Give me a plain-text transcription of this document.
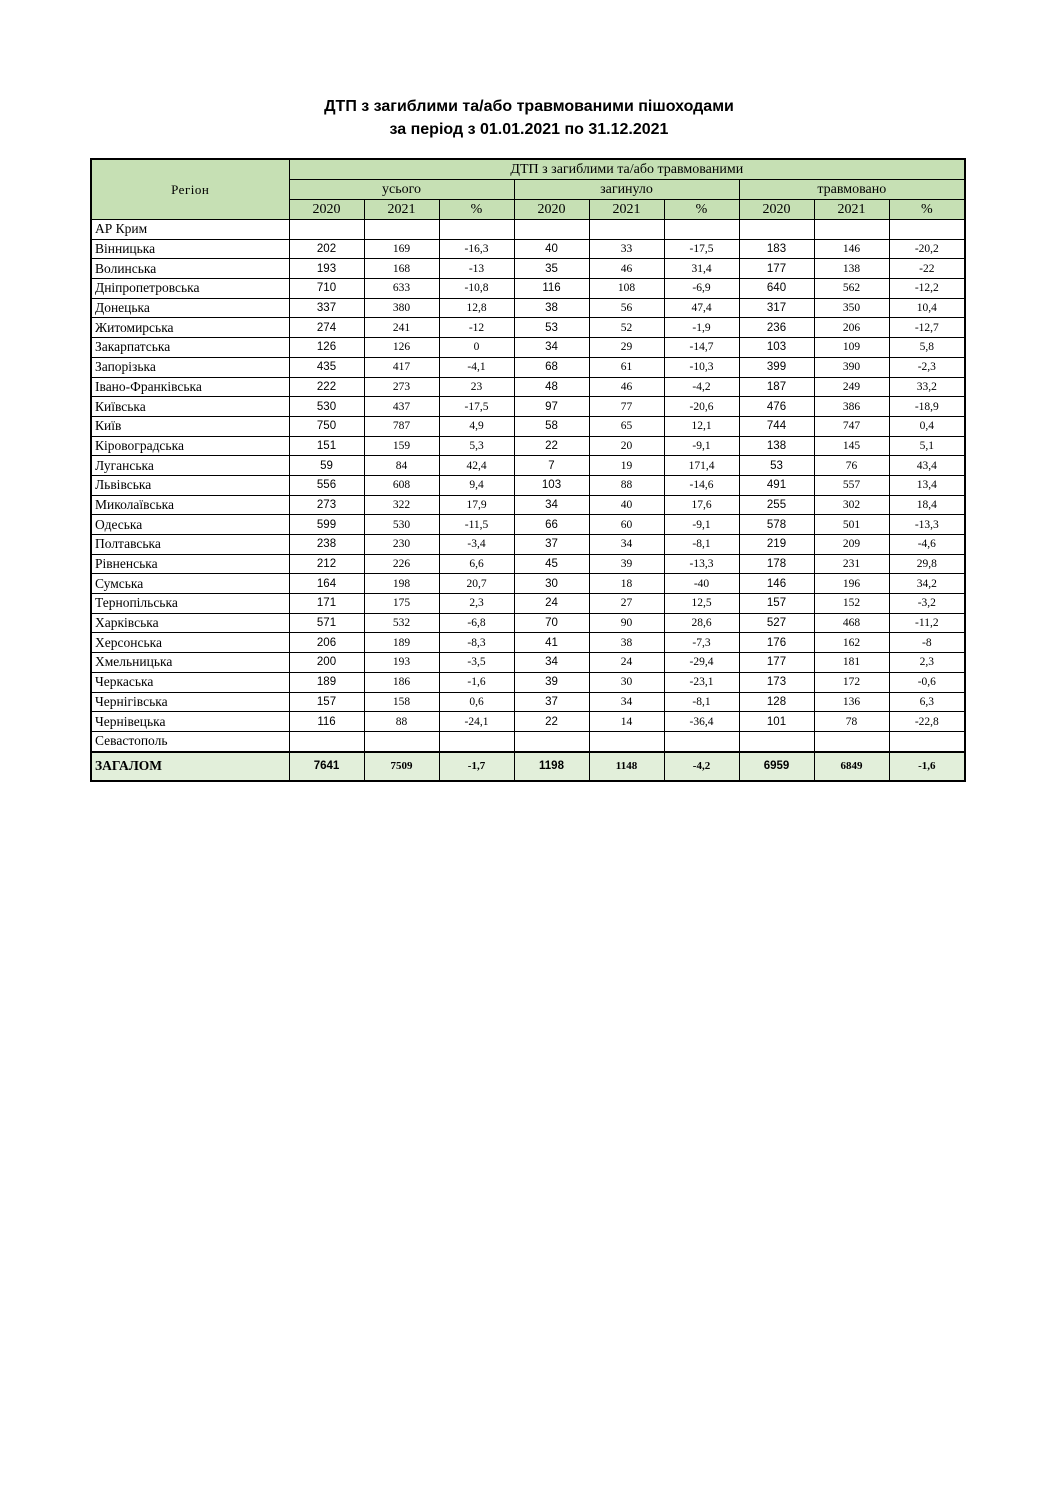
ДТП з загиблими та/або травмованими пішоходами
за період з 01.01.2021 по 31.12.2021
Регіон	ДТП з загиблими та/або травмованими								
	усього			загинуло			травмовано		
	2020	2021	%	2020	2021	%	2020	2021	%
АР Крим									
Вінницька	202	169	-16,3	40	33	-17,5	183	146	-20,2
Волинська	193	168	-13	35	46	31,4	177	138	-22
Дніпропетровська	710	633	-10,8	116	108	-6,9	640	562	-12,2
Донецька	337	380	12,8	38	56	47,4	317	350	10,4
Житомирська	274	241	-12	53	52	-1,9	236	206	-12,7
Закарпатська	126	126	0	34	29	-14,7	103	109	5,8
Запорізька	435	417	-4,1	68	61	-10,3	399	390	-2,3
Івано-Франківська	222	273	23	48	46	-4,2	187	249	33,2
Київська	530	437	-17,5	97	77	-20,6	476	386	-18,9
Київ	750	787	4,9	58	65	12,1	744	747	0,4
Кіровоградська	151	159	5,3	22	20	-9,1	138	145	5,1
Луганська	59	84	42,4	7	19	171,4	53	76	43,4
Львівська	556	608	9,4	103	88	-14,6	491	557	13,4
Миколаївська	273	322	17,9	34	40	17,6	255	302	18,4
Одеська	599	530	-11,5	66	60	-9,1	578	501	-13,3
Полтавська	238	230	-3,4	37	34	-8,1	219	209	-4,6
Рівненська	212	226	6,6	45	39	-13,3	178	231	29,8
Сумська	164	198	20,7	30	18	-40	146	196	34,2
Тернопільська	171	175	2,3	24	27	12,5	157	152	-3,2
Харківська	571	532	-6,8	70	90	28,6	527	468	-11,2
Херсонська	206	189	-8,3	41	38	-7,3	176	162	-8
Хмельницька	200	193	-3,5	34	24	-29,4	177	181	2,3
Черкаська	189	186	-1,6	39	30	-23,1	173	172	-0,6
Чернігівська	157	158	0,6	37	34	-8,1	128	136	6,3
Чернівецька	116	88	-24,1	22	14	-36,4	101	78	-22,8
Севастополь									
ЗАГАЛОМ	7641	7509	-1,7	1198	1148	-4,2	6959	6849	-1,6
